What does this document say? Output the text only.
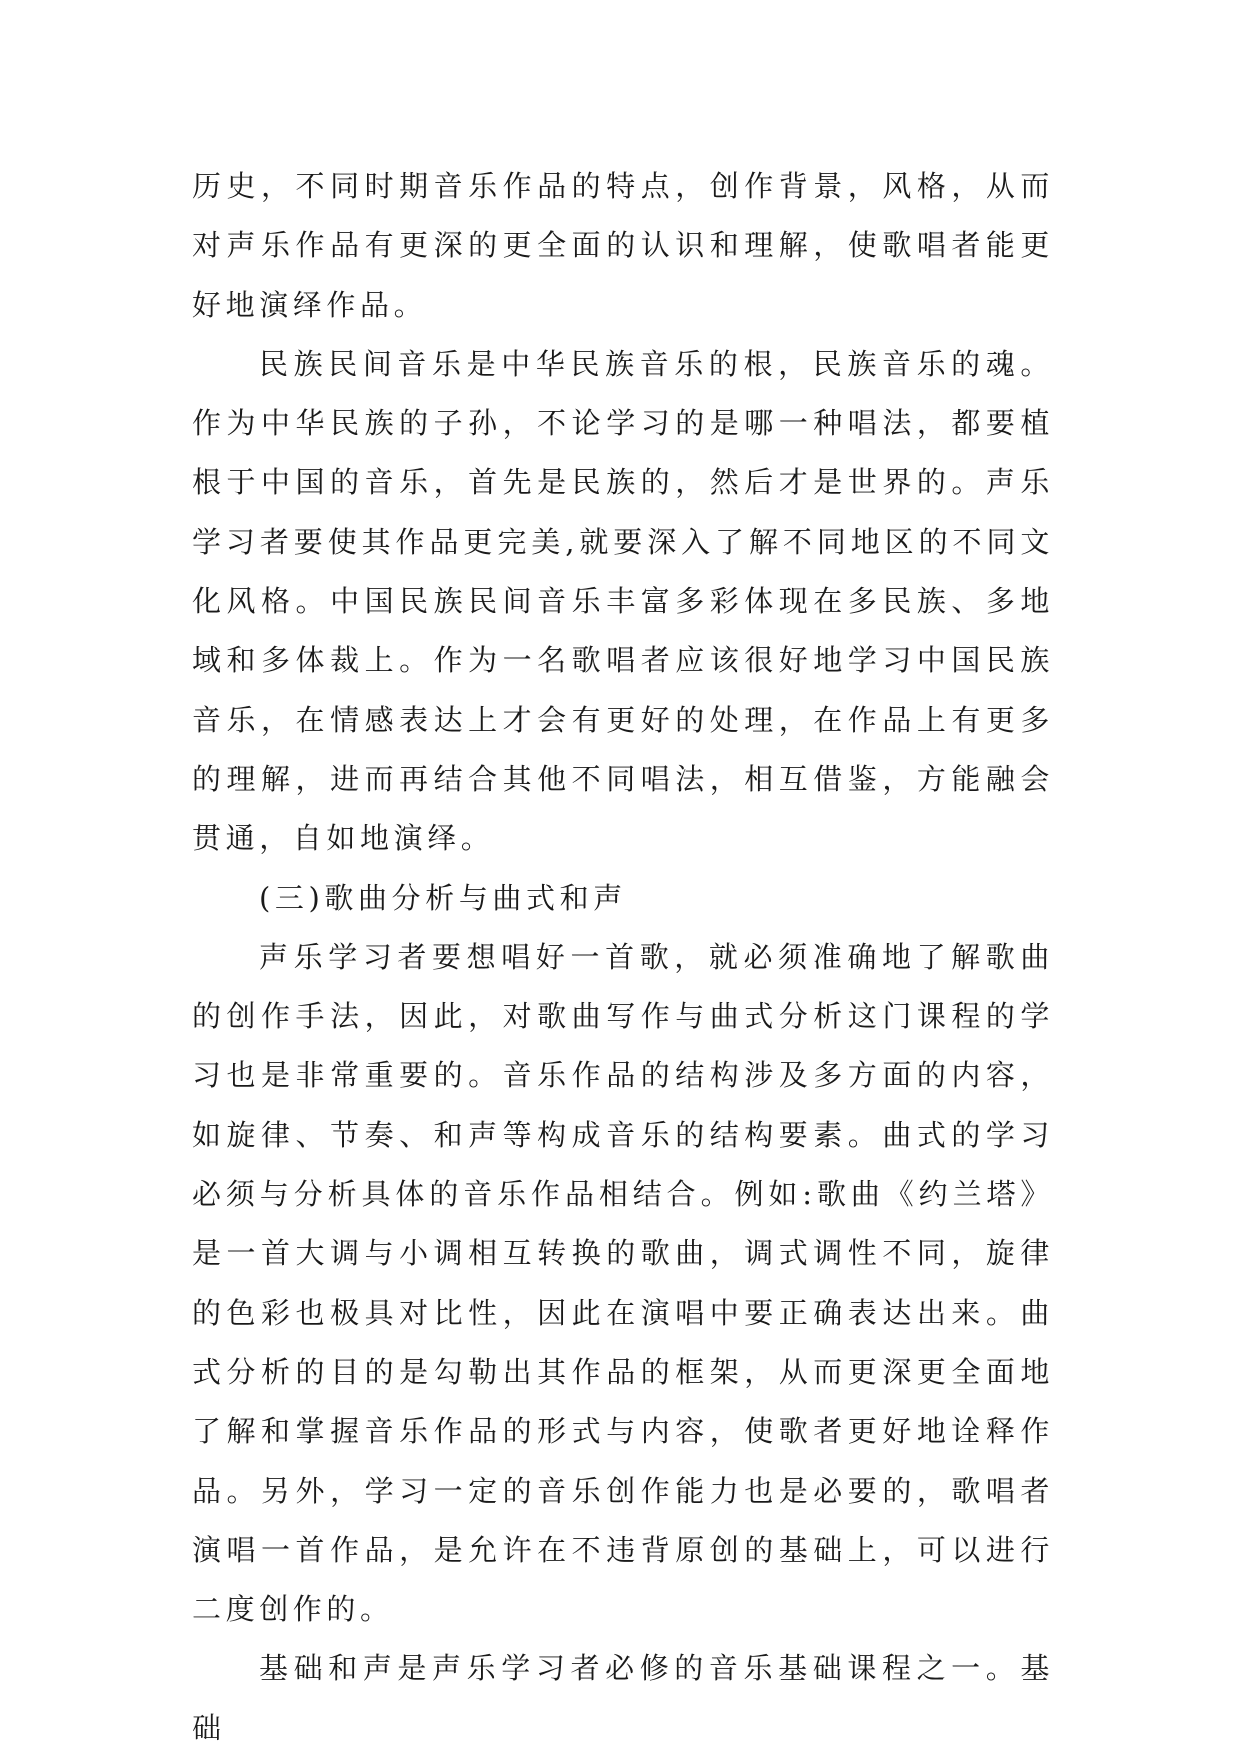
历史，不同时期音乐作品的特点，创作背景，风格，从而对声乐作品有更深的更全面的认识和理解，使歌唱者能更好地演绎作品。

民族民间音乐是中华民族音乐的根，民族音乐的魂。作为中华民族的子孙，不论学习的是哪一种唱法，都要植根于中国的音乐，首先是民族的，然后才是世界的。声乐学习者要使其作品更完美,就要深入了解不同地区的不同文化风格。中国民族民间音乐丰富多彩体现在多民族、多地域和多体裁上。作为一名歌唱者应该很好地学习中国民族音乐，在情感表达上才会有更好的处理，在作品上有更多的理解，进而再结合其他不同唱法，相互借鉴，方能融会贯通，自如地演绎。

(三)歌曲分析与曲式和声

声乐学习者要想唱好一首歌，就必须准确地了解歌曲的创作手法，因此，对歌曲写作与曲式分析这门课程的学习也是非常重要的。音乐作品的结构涉及多方面的内容，如旋律、节奏、和声等构成音乐的结构要素。曲式的学习必须与分析具体的音乐作品相结合。例如:歌曲《约兰塔》是一首大调与小调相互转换的歌曲，调式调性不同，旋律的色彩也极具对比性，因此在演唱中要正确表达出来。曲式分析的目的是勾勒出其作品的框架，从而更深更全面地了解和掌握音乐作品的形式与内容，使歌者更好地诠释作品。另外，学习一定的音乐创作能力也是必要的，歌唱者演唱一首作品，是允许在不违背原创的基础上，可以进行二度创作的。

基础和声是声乐学习者必修的音乐基础课程之一。基础
